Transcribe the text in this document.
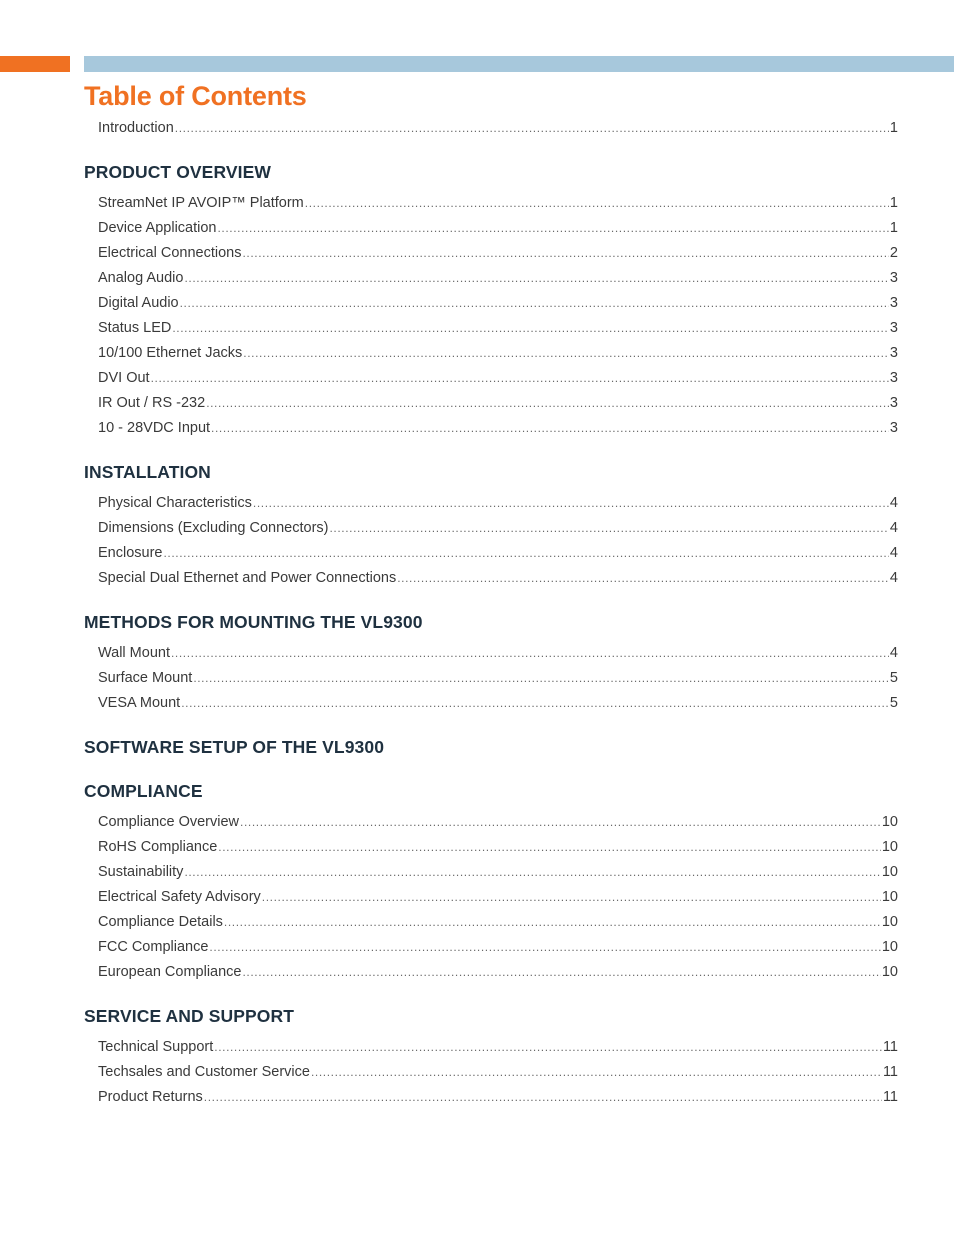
Table of Contents
Introduction .....	1
PRODUCT OVERVIEW
StreamNet IP AVOIP™ Platform .....	1
Device Application .....	1
Electrical Connections .....	2
Analog Audio .....	3
Digital Audio .....	3
Status LED .....	3
10/100 Ethernet Jacks .....	3
DVI Out .....	3
IR Out / RS -232 .....	3
10 - 28VDC Input .....	3
INSTALLATION
Physical Characteristics .....	4
Dimensions (Excluding Connectors) .....	4
Enclosure .....	4
Special Dual Ethernet and Power Connections .....	4
METHODS FOR MOUNTING THE VL9300
Wall Mount .....	4
Surface Mount .....	5
VESA Mount .....	5
SOFTWARE SETUP OF THE VL9300
COMPLIANCE
Compliance Overview .....	10
RoHS Compliance .....	10
Sustainability .....	10
Electrical Safety Advisory .....	10
Compliance Details .....	10
FCC Compliance .....	10
European Compliance .....	10
SERVICE AND SUPPORT
Technical Support .....	11
Techsales and Customer Service .....	11
Product Returns .....	11
